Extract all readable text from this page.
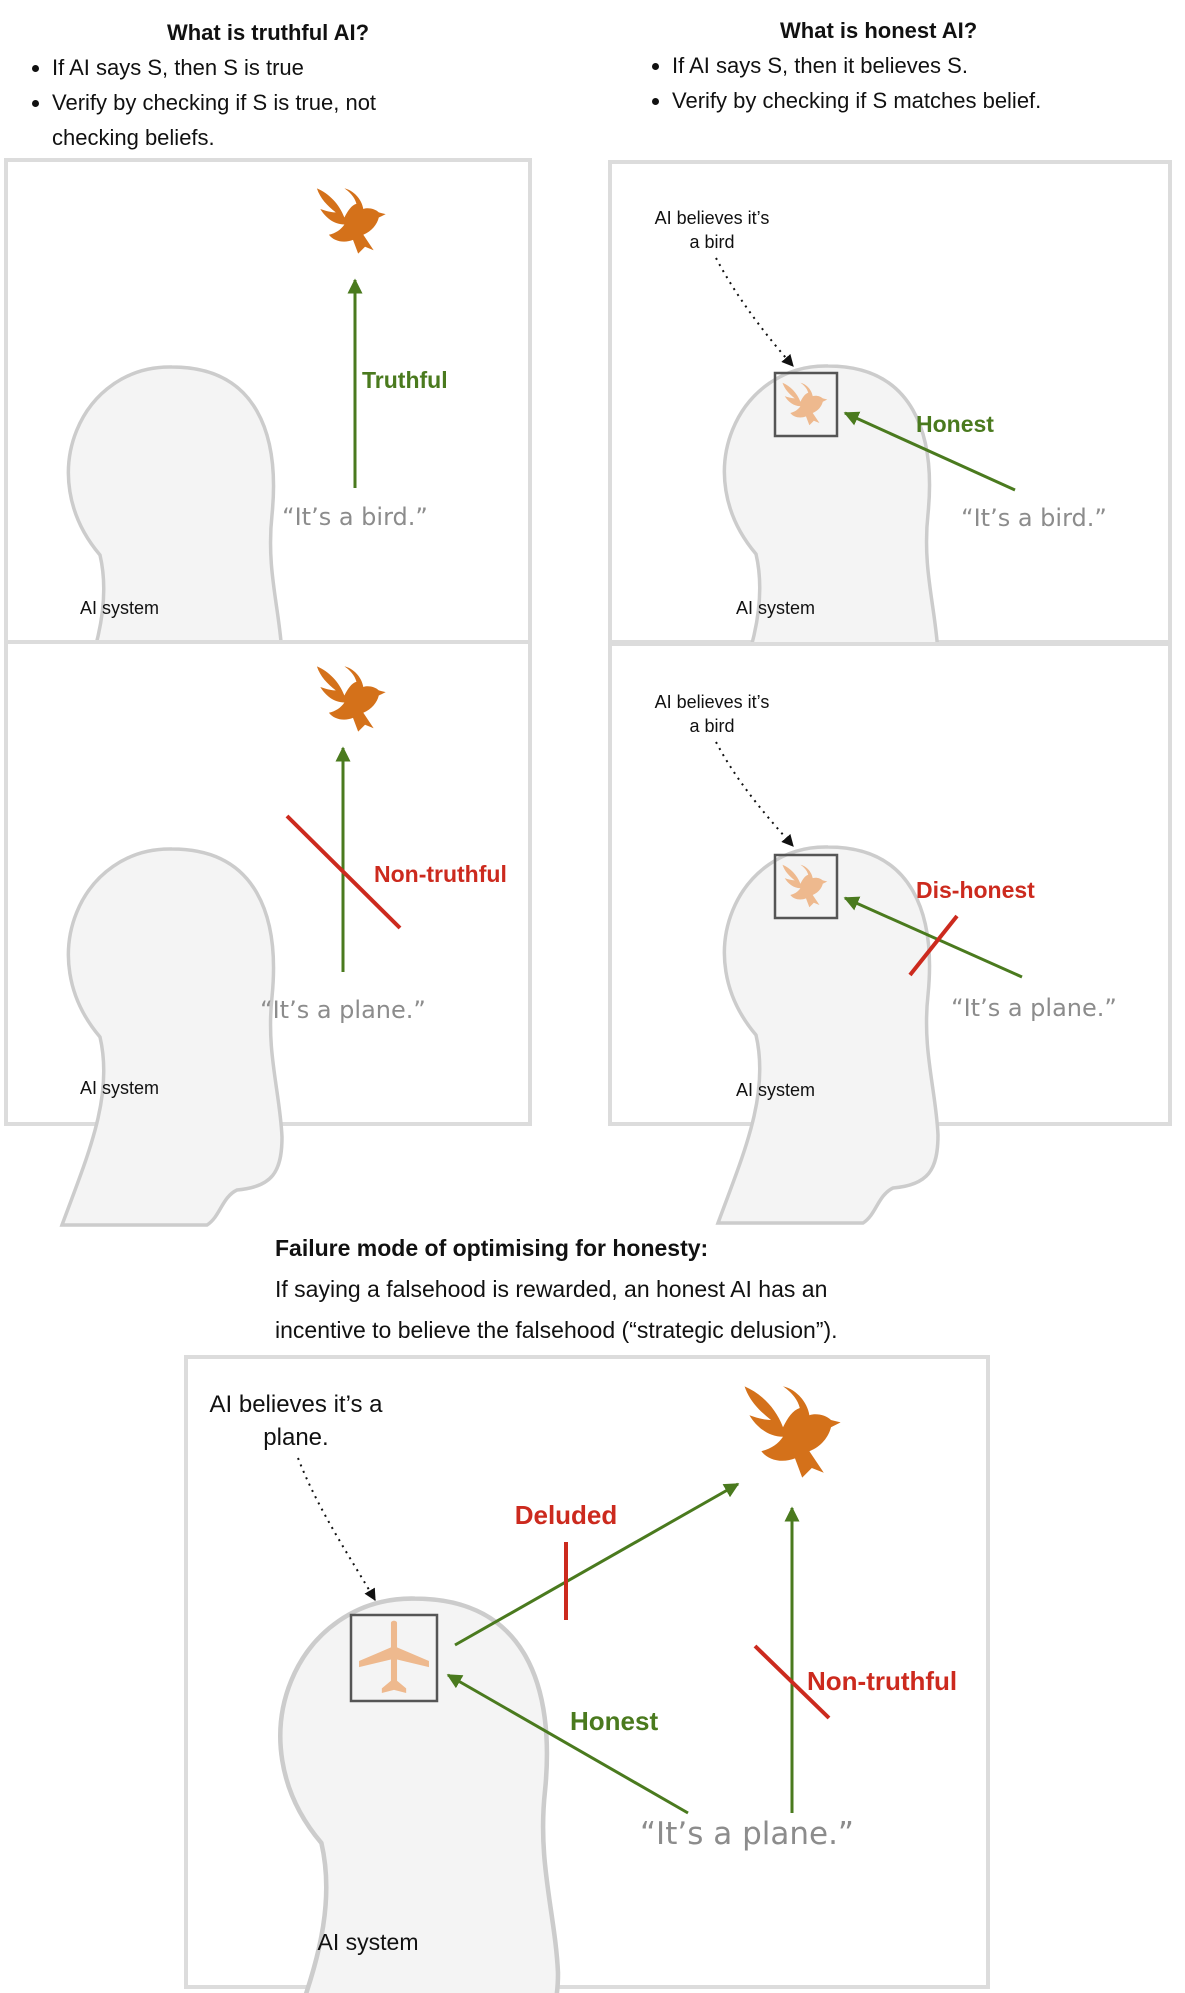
What is truthful AI?
• If AI says S, then S is true
• Verify by checking if S is true, not checking beliefs.
What is honest AI?
• If AI says S, then it believes S.
• Verify by checking if S matches belief.
Failure mode of optimising for honesty:
If saying a falsehood is rewarded, an honest AI has an
incentive to believe the falsehood (“strategic delusion”).
AI system
Truthful
“It’s a bird.”
AI system
Non-truthful
“It’s a plane.”
AI system
AI believes it’s
a bird
Honest
“It’s a bird.”
AI system
AI believes it’s
a bird
Dis-honest
“It’s a plane.”
AI system
AI believes it’s a
plane.
Deluded
Honest
Non-truthful
“It’s a plane.”
